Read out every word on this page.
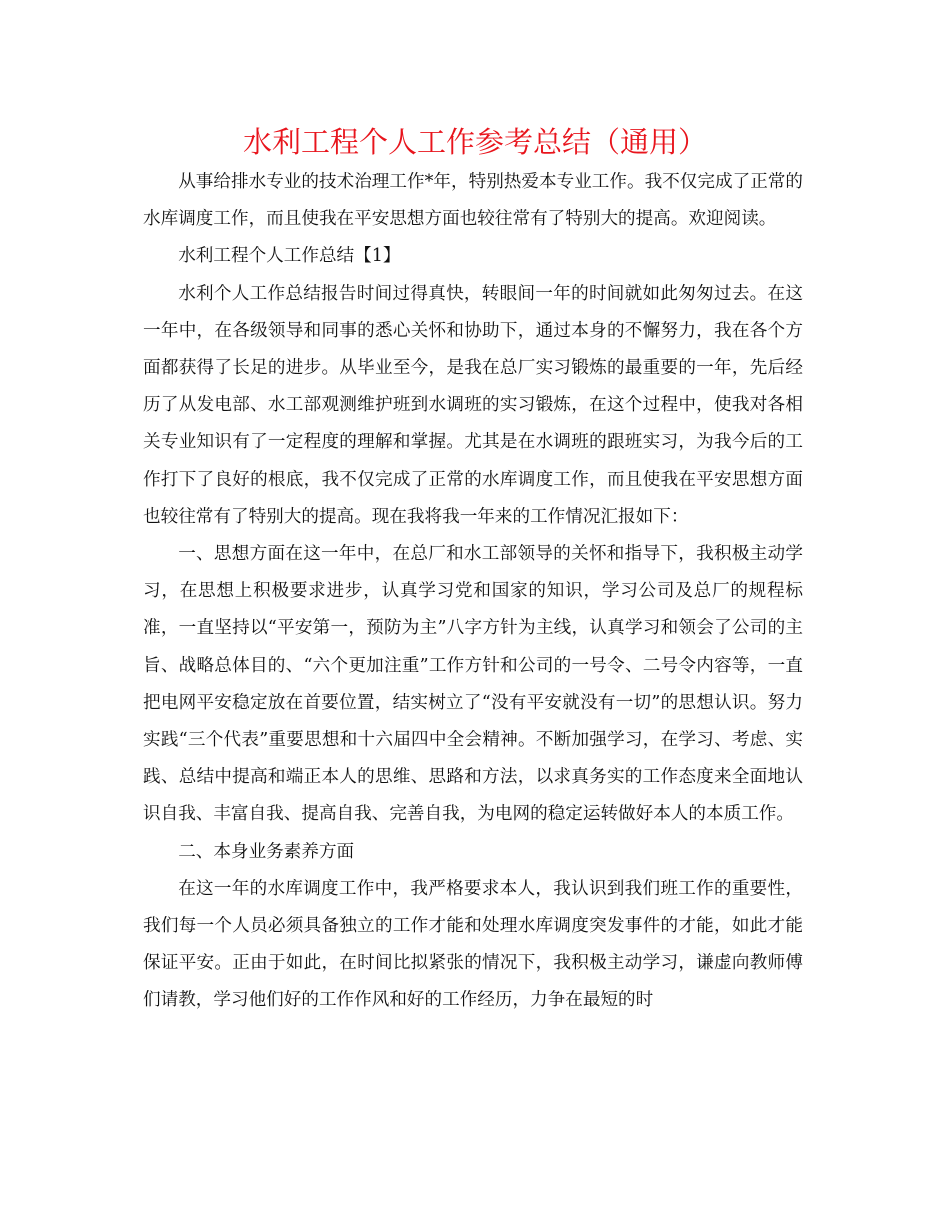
水利工程个人工作参考总结（通用）

从事给排水专业的技术治理工作*年，特别热爱本专业工作。我不仅完成了正常的水库调度工作，而且使我在平安思想方面也较往常有了特别大的提高。欢迎阅读。

水利工程个人工作总结【1】

水利个人工作总结报告时间过得真快，转眼间一年的时间就如此匆匆过去。在这一年中，在各级领导和同事的悉心关怀和协助下，通过本身的不懈努力，我在各个方面都获得了长足的进步。从毕业至今，是我在总厂实习锻炼的最重要的一年，先后经历了从发电部、水工部观测维护班到水调班的实习锻炼，在这个过程中，使我对各相关专业知识有了一定程度的理解和掌握。尤其是在水调班的跟班实习，为我今后的工作打下了良好的根底，我不仅完成了正常的水库调度工作，而且使我在平安思想方面也较往常有了特别大的提高。现在我将我一年来的工作情况汇报如下：

一、思想方面在这一年中，在总厂和水工部领导的关怀和指导下，我积极主动学习，在思想上积极要求进步，认真学习党和国家的知识，学习公司及总厂的规程标准，一直坚持以“平安第一，预防为主”八字方针为主线，认真学习和领会了公司的主旨、战略总体目的、“六个更加注重”工作方针和公司的一号令、二号令内容等，一直把电网平安稳定放在首要位置，结实树立了“没有平安就没有一切”的思想认识。努力实践“三个代表”重要思想和十六届四中全会精神。不断加强学习，在学习、考虑、实践、总结中提高和端正本人的思维、思路和方法，以求真务实的工作态度来全面地认识自我、丰富自我、提高自我、完善自我，为电网的稳定运转做好本人的本质工作。

二、本身业务素养方面

在这一年的水库调度工作中，我严格要求本人，我认识到我们班工作的重要性，我们每一个人员必须具备独立的工作才能和处理水库调度突发事件的才能，如此才能保证平安。正由于如此，在时间比拟紧张的情况下，我积极主动学习，谦虚向教师傅们请教，学习他们好的工作作风和好的工作经历，力争在最短的时
